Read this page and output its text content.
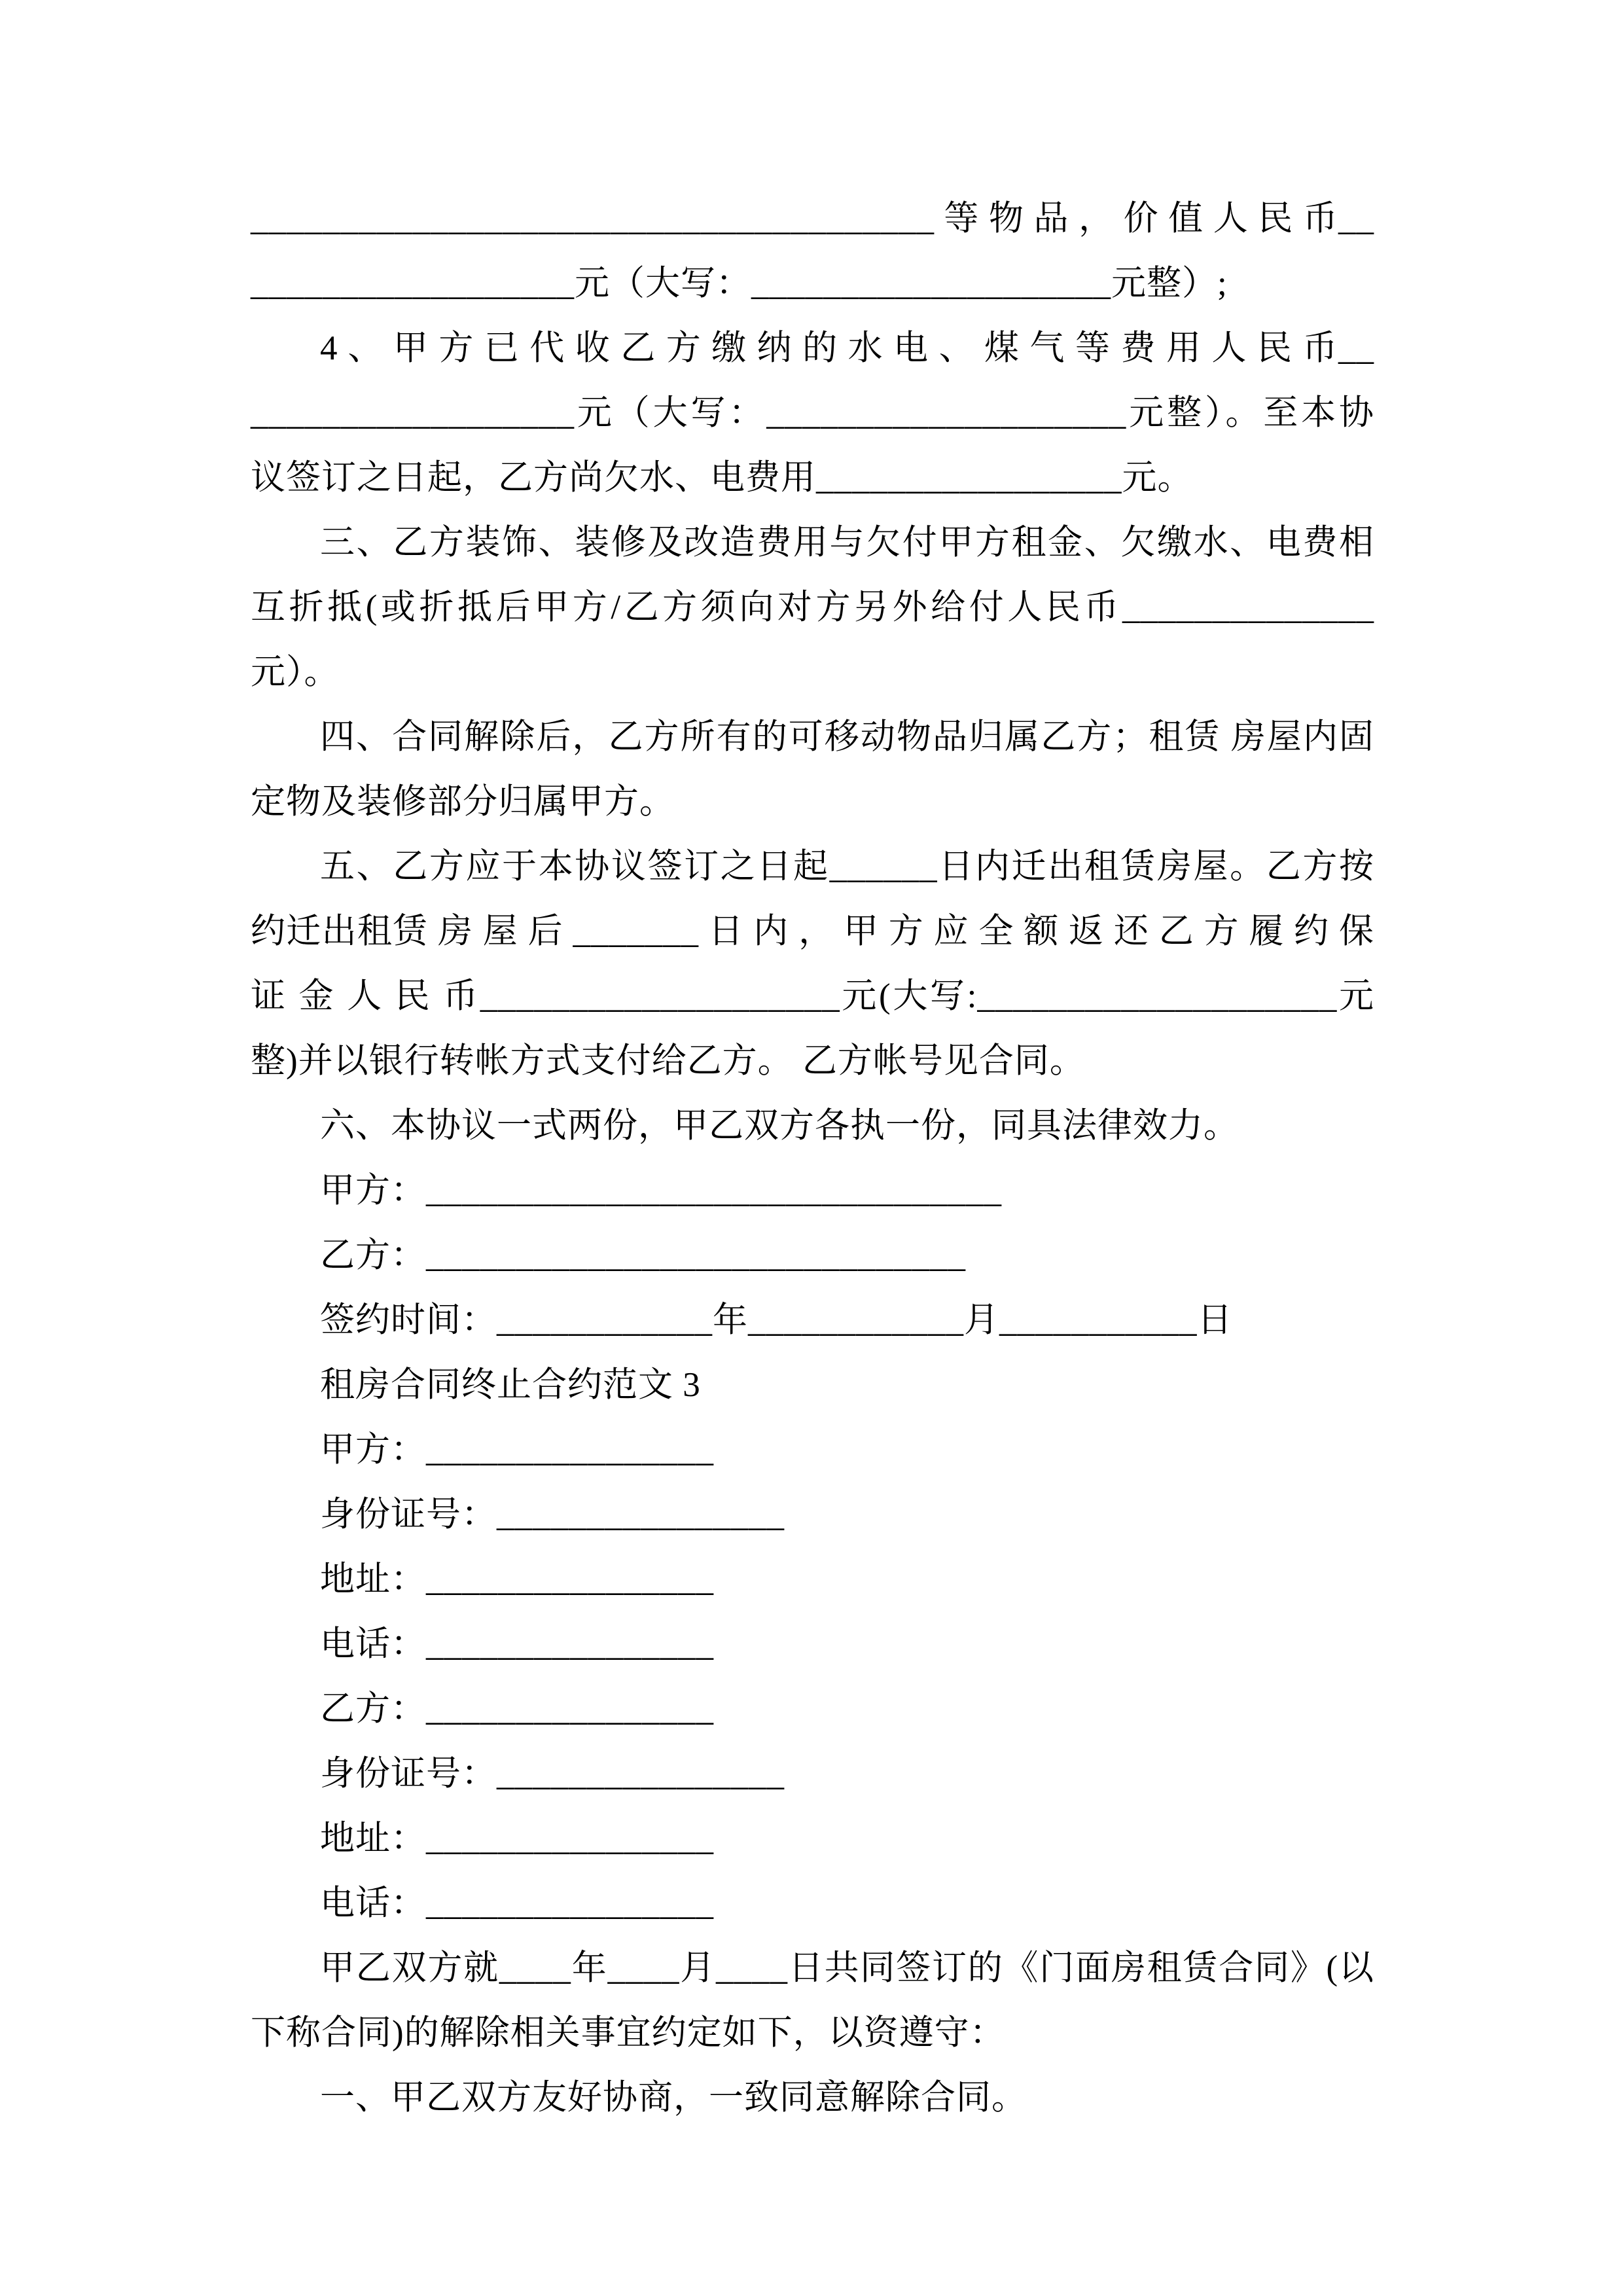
______________________________________ 等 物 品 ， 价 值 人 民 币____________________元（大写：____________________元整）;

4 、 甲 方 已 代 收 乙 方 缴 纳 的 水 电 、 煤 气 等 费 用 人 民 币____________________元（大写：____________________元整）。至本协议签订之日起，乙方尚欠水、电费用_________________元。

三、乙方装饰、装修及改造费用与欠付甲方租金、欠缴水、电费相互折抵(或折抵后甲方/乙方须向对方另外给付人民币______________元）。

四、合同解除后，乙方所有的可移动物品归属乙方；租赁 房屋内固定物及装修部分归属甲方。

五、乙方应于本协议签订之日起______日内迁出租赁房屋。乙方按约迁出租赁 房 屋 后 _______ 日 内 ， 甲 方 应 全 额 返 还 乙 方 履 约 保 证 金 人 民 币____________________元(大写:____________________元整)并以银行转帐方式支付给乙方。 乙方帐号见合同。

六、本协议一式两份，甲乙双方各执一份，同具法律效力。

甲方：________________________________

乙方：______________________________

签约时间：____________年____________月___________日

租房合同终止合约范文 3

甲方：________________

身份证号：________________

地址：________________

电话：________________

乙方：________________

身份证号：________________

地址：________________

电话：________________

甲乙双方就____年____月____日共同签订的《门面房租赁合同》(以下称合同)的解除相关事宜约定如下，以资遵守：​

一、甲乙双方友好协商，一致同意解除合同。
